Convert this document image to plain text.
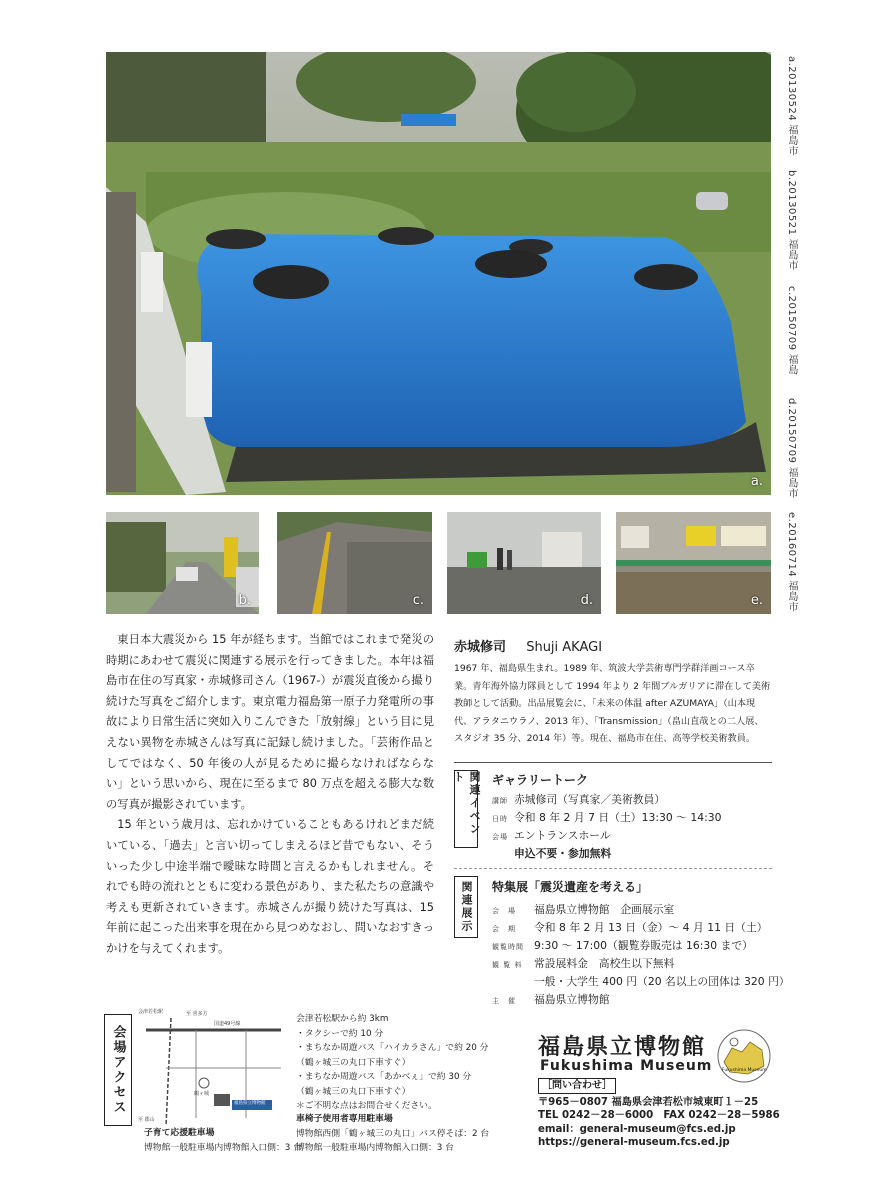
a.
a.20130524 福島市
b.20130521 福島市
c.20150709 福島
d.20150709 福島市
e.20160714 福島市
b.	c.	d.	e.

東日本大震災から 15 年が経ちます。当館ではこれまで発災の時期にあわせて震災に関連する展示を行ってきました。本年は福島市在住の写真家・赤城修司さん（1967-）が震災直後から撮り続けた写真をご紹介します。東京電力福島第一原子力発電所の事故により日常生活に突如入りこんできた「放射線」という目に見えない異物を赤城さんは写真に記録し続けました。「芸術作品としてではなく、50 年後の人が見るために撮らなければならない」という思いから、現在に至るまで 80 万点を超える膨大な数の写真が撮影されています。

15 年という歳月は、忘れかけていることもあるけれどまだ続いている、「過去」と言い切ってしまえるほど昔でもない、そういった少し中途半端で曖昧な時間と言えるかもしれません。それでも時の流れとともに変わる景色があり、また私たちの意識や考えも更新されていきます。赤城さんが撮り続けた写真は、15 年前に起こった出来事を現在から見つめなおし、問いなおすきっかけを与えてくれます。

赤城修司 Shuji AKAGI
1967 年、福島県生まれ。1989 年、筑波大学芸術専門学群洋画コース卒業。青年海外協力隊員として 1994 年より 2 年間ブルガリアに滞在して美術教師として活動。出品展覧会に、「未来の体温 after AZUMAYA」（山本現代、アラタニウラノ、2013 年）、「Transmission」（畠山直哉との二人展、スタジオ 35 分、2014 年）等。現在、福島市在住、高等学校美術教員。
関連イベント	ギャラリートーク
講師 赤城修司（写真家／美術教員）
日時 令和 8 年 2 月 7 日（土）13:30 ～ 14:30
会場 エントランスホール
申込不要・参加無料
関連展示	特集展「震災遺産を考える」
会　場	福島県立博物館　企画展示室
会　期	令和 8 年 2 月 13 日（金）～ 4 月 11 日（土）
観覧時間 9:30 ～ 17:00（観覧券販売は 16:30 まで）
観 覧 料	常設展料金　高校生以下無料
一般・大学生 400 円（20 名以上の団体は 320 円）
主　催	福島県立博物館
会場アクセス
会津若松駅
国道49号線
福島県立博物館
鶴ヶ城
至 喜多方
至 郡山
会津若松駅から約 3km
・タクシーで約 10 分
・まちなか周遊バス「ハイカラさん」で約 20 分
（鶴ヶ城三の丸口下車すぐ）
・まちなか周遊バス「あかべぇ」で約 30 分
（鶴ヶ城三の丸口下車すぐ）
＊ご不明な点はお問合せください。
車椅子使用者専用駐車場
博物館西側「鶴ヶ城三の丸口」バス停そば：2 台
博物館一般駐車場内博物館入口側：3 台
子育て応援駐車場
博物館一般駐車場内博物館入口側：3 台
福島県立博物館
Fukushima Museum Fukushima Museum
［問い合わせ］
〒965－0807 福島県会津若松市城東町１－25
TEL 0242－28－6000　FAX 0242－28－5986
email：general-museum@fcs.ed.jp
https://general-museum.fcs.ed.jp
